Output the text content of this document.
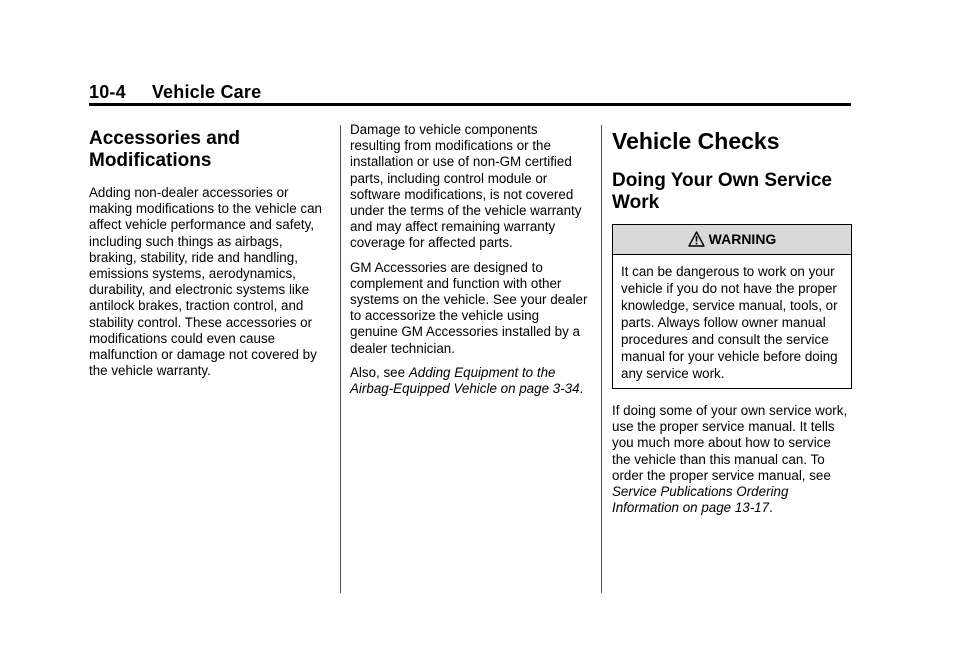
10-4     Vehicle Care
Accessories and Modifications

Adding non-dealer accessories or making modifications to the vehicle can affect vehicle performance and safety, including such things as airbags, braking, stability, ride and handling, emissions systems, aerodynamics, durability, and electronic systems like antilock brakes, traction control, and stability control. These accessories or modifications could even cause malfunction or damage not covered by the vehicle warranty.

Damage to vehicle components resulting from modifications or the installation or use of non-GM certified parts, including control module or software modifications, is not covered under the terms of the vehicle warranty and may affect remaining warranty coverage for affected parts.

GM Accessories are designed to complement and function with other systems on the vehicle. See your dealer to accessorize the vehicle using genuine GM Accessories installed by a dealer technician.

Also, see Adding Equipment to the Airbag-Equipped Vehicle on page 3-34.

Vehicle Checks
Doing Your Own Service Work
WARNING
It can be dangerous to work on your vehicle if you do not have the proper knowledge, service manual, tools, or parts. Always follow owner manual procedures and consult the service manual for your vehicle before doing any service work.

If doing some of your own service work, use the proper service manual. It tells you much more about how to service the vehicle than this manual can. To order the proper service manual, see Service Publications Ordering Information on page 13-17.
